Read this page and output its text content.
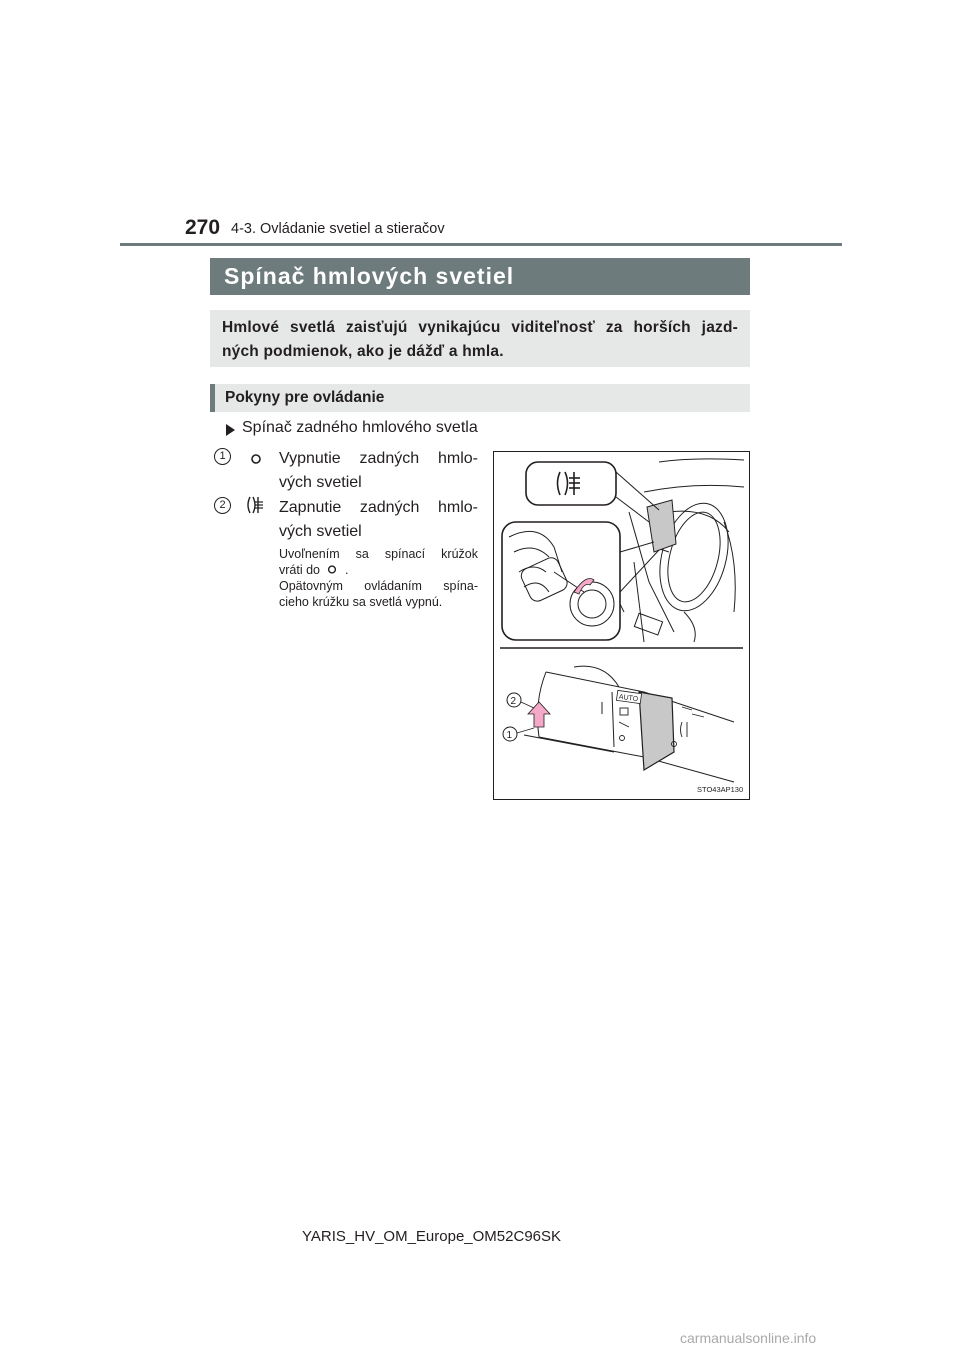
270 4-3. Ovládanie svetiel a stieračov
Spínač hmlových svetiel
Hmlové svetlá zaisťujú vynikajúcu viditeľnosť za horších jazd-
ných podmienok, ako je dážď a hmla.
Pokyny pre ovládanie
Spínač zadného hmlového svetla
1	Vypnutie zadných hmlo-
vých svetiel
2	Zapnutie zadných hmlo-
vých svetiel
Uvoľnením sa spínací krúžok
vráti do .
Opätovným ovládaním spína-
cieho krúžku sa svetlá vypnú.
AUTO
2
1
STO43AP130
YARIS_HV_OM_Europe_OM52C96SK
carmanualsonline.info
